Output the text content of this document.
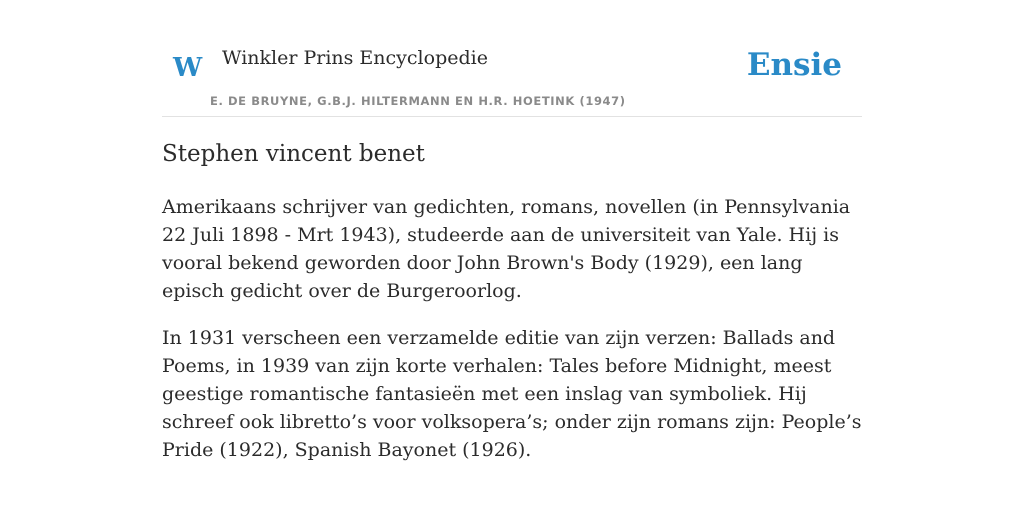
W Winkler Prins Encyclopedie
E. DE BRUYNE, G.B.J. HILTERMANN EN H.R. HOETINK (1947)
Ensie
Stephen vincent benet

Amerikaans schrijver van gedichten, romans, novellen (in Pennsylvania 22 Juli 1898 - Mrt 1943), studeerde aan de universiteit van Yale. Hij is vooral bekend geworden door John Brown's Body (1929), een lang episch gedicht over de Burgeroorlog.

In 1931 verscheen een verzamelde editie van zijn verzen: Ballads and Poems, in 1939 van zijn korte verhalen: Tales before Midnight, meest geestige romantische fantasieën met een inslag van symboliek. Hij schreef ook libretto’s voor volksopera’s; onder zijn romans zijn: People’s Pride (1922), Spanish Bayonet (1926).
